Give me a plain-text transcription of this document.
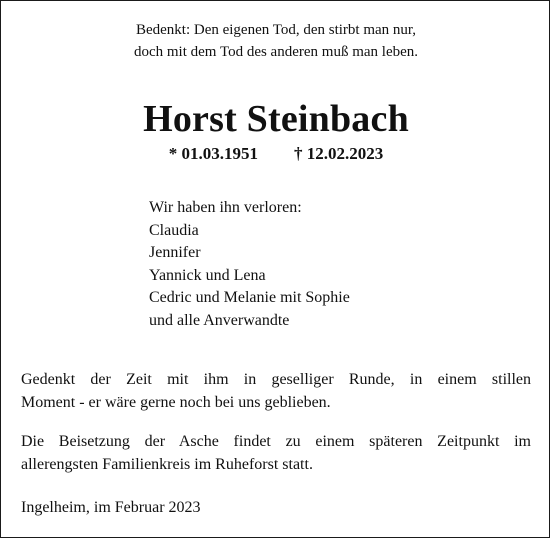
Bedenkt: Den eigenen Tod, den stirbt man nur,
doch mit dem Tod des anderen muß man leben.
Horst Steinbach
* 01.03.1951 † 12.02.2023
Wir haben ihn verloren:
Claudia
Jennifer
Yannick und Lena
Cedric und Melanie mit Sophie
und alle Anverwandte
Gedenkt der Zeit mit ihm in geselliger Runde, in einem stillen
Moment - er wäre gerne noch bei uns geblieben.
Die Beisetzung der Asche findet zu einem späteren Zeitpunkt im
allerengsten Familienkreis im Ruheforst statt.
Ingelheim, im Februar 2023
